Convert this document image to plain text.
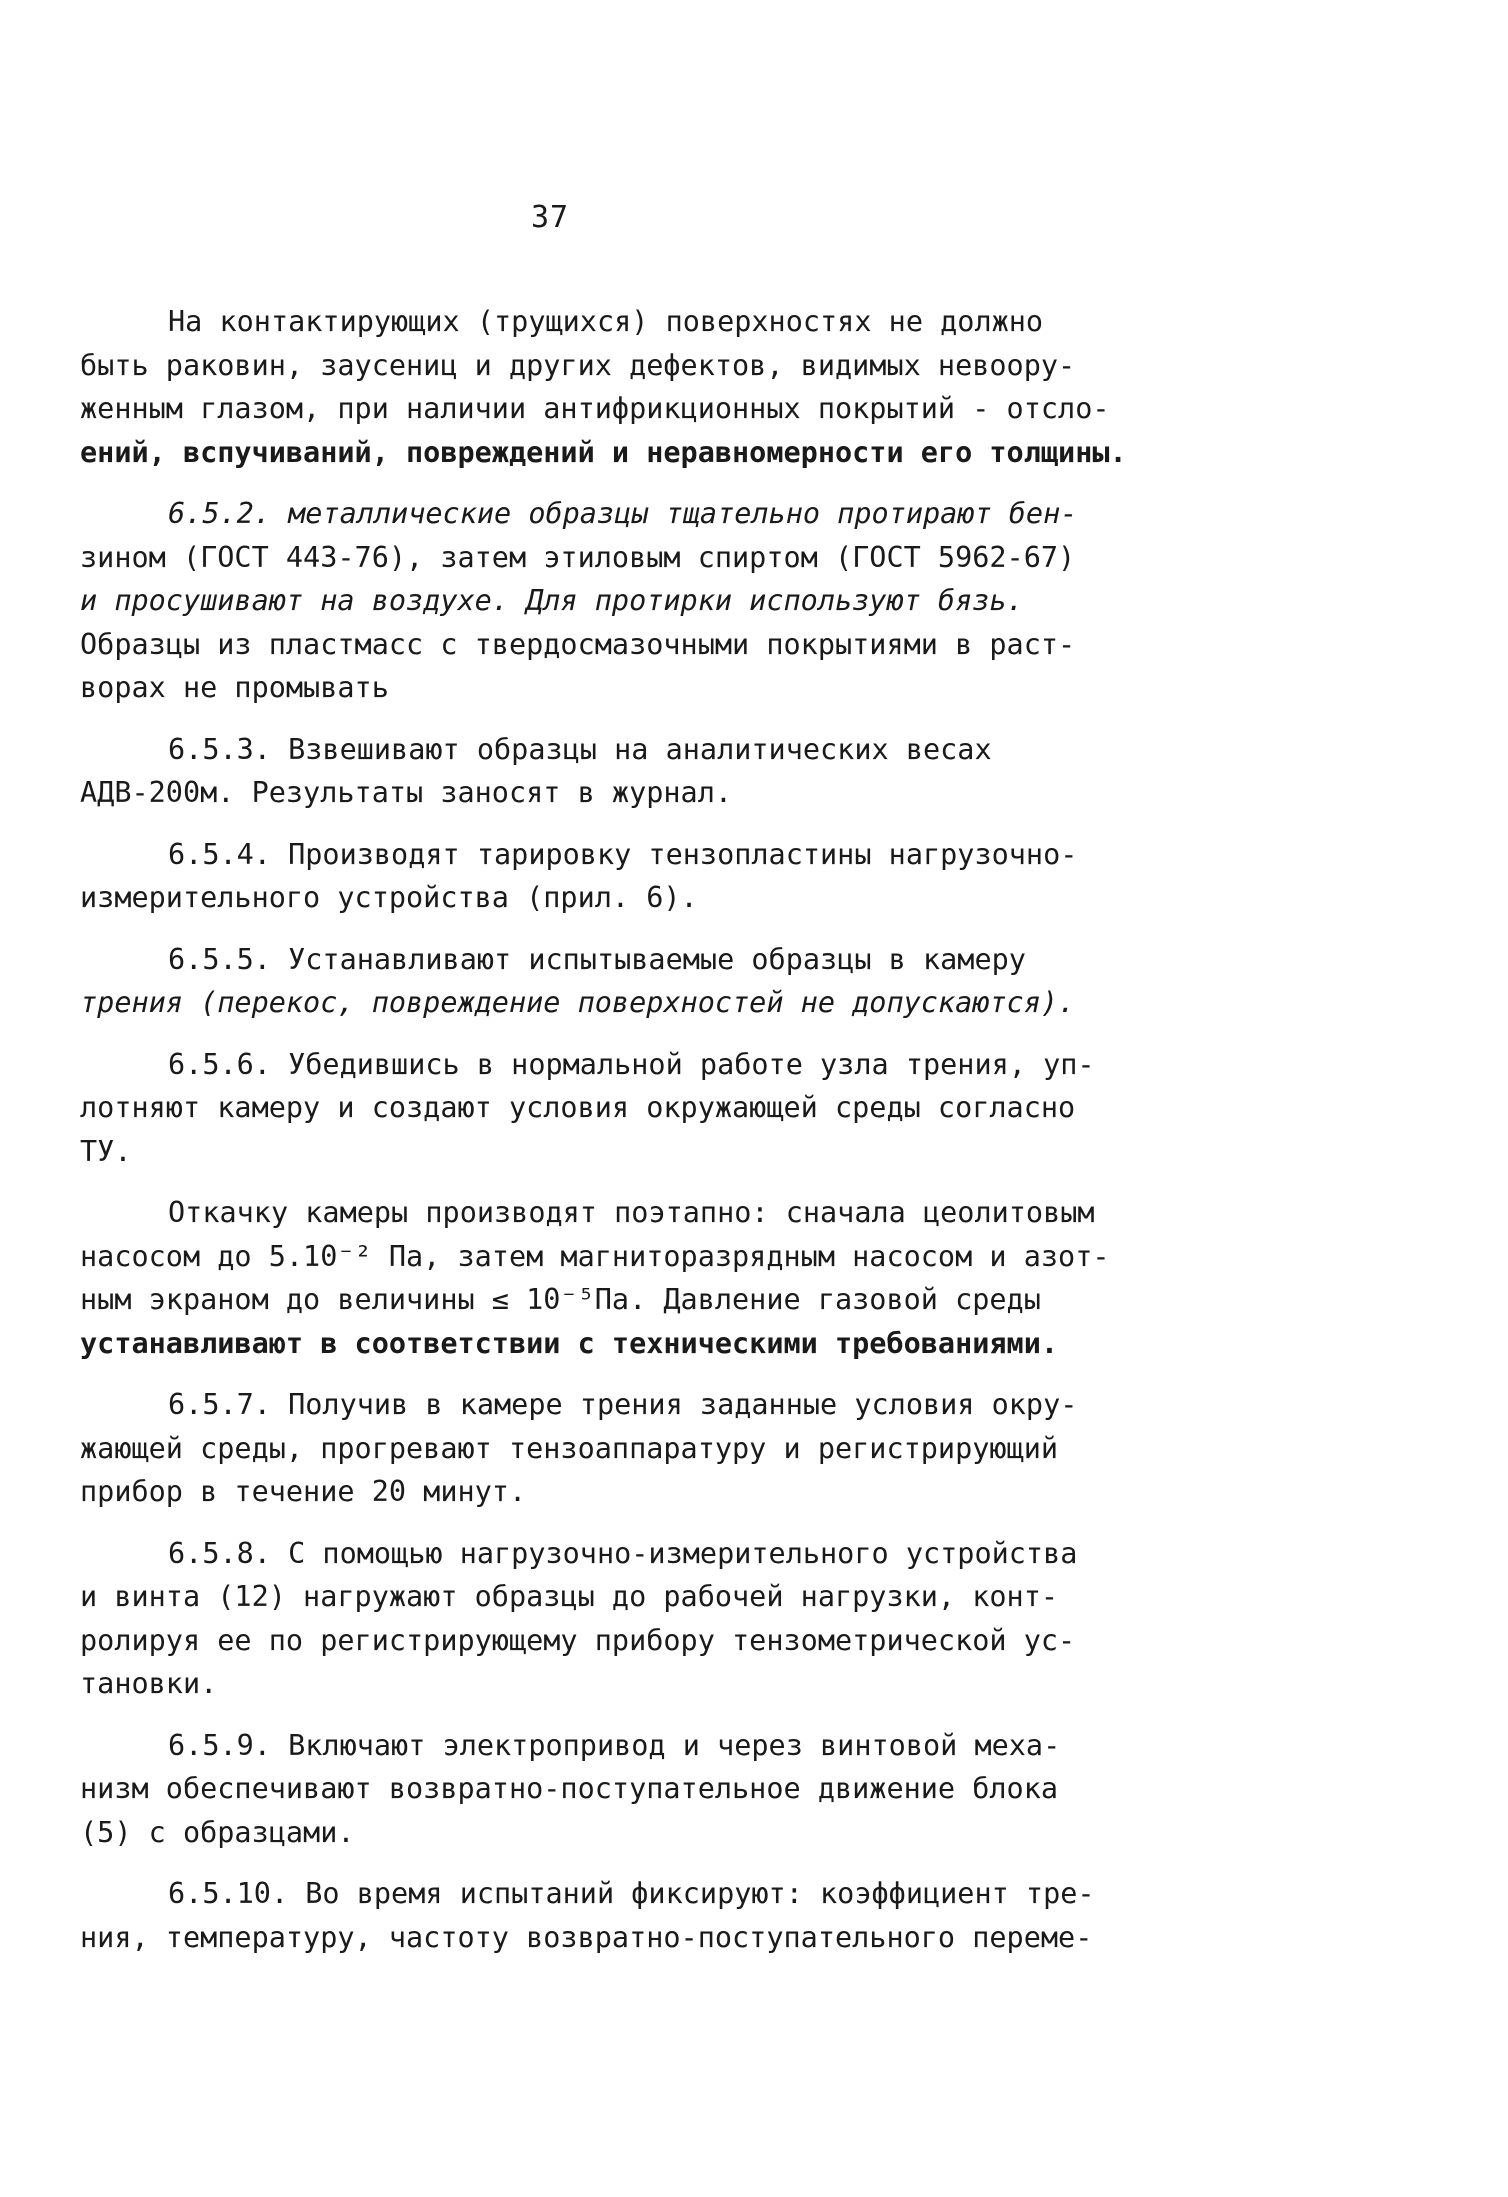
37
На контактирующих (трущихся) поверхностях не должно
быть раковин, заусениц и других дефектов, видимых невоору-
женным глазом, при наличии антифрикционных покрытий - отсло-
ений, вспучиваний, повреждений и неравномерности его толщины.
6.5.2. металлические образцы тщательно протирают бен-
зином (ГОСТ 443-76), затем этиловым спиртом (ГОСТ 5962-67)
и просушивают на воздухе. Для протирки используют бязь.
Образцы из пластмасс с твердосмазочными покрытиями в раст-
ворах не промывать
6.5.3. Взвешивают образцы на аналитических весах
АДВ-200м. Результаты заносят в журнал.
6.5.4. Производят тарировку тензопластины нагрузочно-
измерительного устройства (прил. 6).
6.5.5. Устанавливают испытываемые образцы в камеру
трения (перекос, повреждение поверхностей не допускаются).
6.5.6. Убедившись в нормальной работе узла трения, уп-
лотняют камеру и создают условия окружающей среды согласно
ТУ.
Откачку камеры производят поэтапно: сначала цеолитовым
насосом до 5.10⁻² Па, затем магниторазрядным насосом и азот-
ным экраном до величины ≤ 10⁻⁵Па. Давление газовой среды
устанавливают в соответствии с техническими требованиями.
6.5.7. Получив в камере трения заданные условия окру-
жающей среды, прогревают тензоаппаратуру и регистрирующий
прибор в течение 20 минут.
6.5.8. С помощью нагрузочно-измерительного устройства
и винта (12) нагружают образцы до рабочей нагрузки, конт-
ролируя ее по регистрирующему прибору тензометрической ус-
тановки.
6.5.9. Включают электропривод и через винтовой меха-
низм обеспечивают возвратно-поступательное движение блока
(5) с образцами.
6.5.10. Во время испытаний фиксируют: коэффициент тре-
ния, температуру, частоту возвратно-поступательного переме-
